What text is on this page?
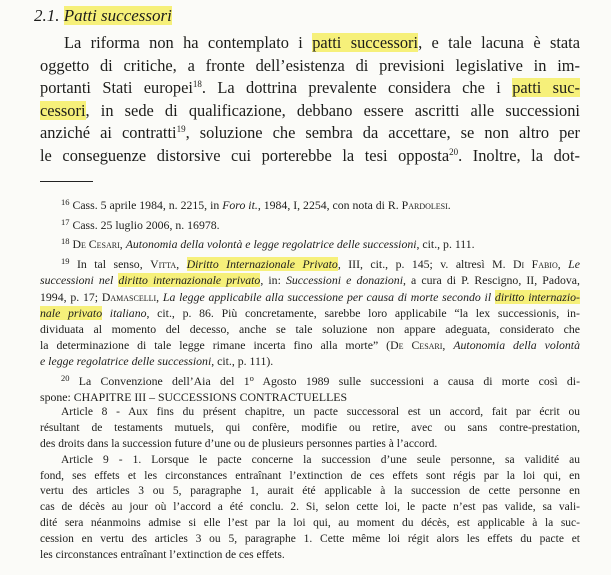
2.1. Patti successori
La riforma non ha contemplato i patti successori, e tale lacuna è stata
oggetto di critiche, a fronte dell’esistenza di previsioni legislative in im-
portanti Stati europei$^{18}$. La dottrina prevalente considera che i patti suc-
cessori, in sede di qualificazione, debbano essere ascritti alle successioni
anziché ai contratti$^{19}$, soluzione che sembra da accettare, se non altro per
le conseguenze distorsive cui porterebbe la tesi opposta$^{20}$. Inoltre, la dot-
$^{16}$ Cass. 5 aprile 1984, n. 2215, in Foro it., 1984, I, 2254, con nota di R. Pardolesi.
$^{17}$ Cass. 25 luglio 2006, n. 16978.
$^{18}$ De Cesari, Autonomia della volontà e legge regolatrice delle successioni, cit., p. 111.
$^{19}$ In tal senso, Vitta, Diritto Internazionale Privato, III, cit., p. 145; v. altresì M. Di Fabio, Le
successioni nel diritto internazionale privato, in: Successioni e donazioni, a cura di P. Rescigno, II, Padova,
1994, p. 17; Damascelli, La legge applicabile alla successione per causa di morte secondo il diritto internazio-
nale privato italiano, cit., p. 86. Più concretamente, sarebbe loro applicabile “la lex successionis, in-
dividuata al momento del decesso, anche se tale soluzione non appare adeguata, considerato che
la determinazione di tale legge rimane incerta fino alla morte” (De Cesari, Autonomia della volontà
e legge regolatrice delle successioni, cit., p. 111).
$^{20}$ La Convenzione dell’Aia del 1$^o$ Agosto 1989 sulle successioni a causa di morte così di-
spone: CHAPITRE III – SUCCESSIONS CONTRACTUELLES
Article 8 - Aux fins du présent chapitre, un pacte successoral est un accord, fait par écrit ou
résultant de testaments mutuels, qui confère, modifie ou retire, avec ou sans contre-prestation,
des droits dans la succession future d’une ou de plusieurs personnes parties à l’accord.
Article 9 - 1. Lorsque le pacte concerne la succession d’une seule personne, sa validité au
fond, ses effets et les circonstances entraînant l’extinction de ces effets sont régis par la loi qui, en
vertu des articles 3 ou 5, paragraphe 1, aurait été applicable à la succession de cette personne en
cas de décès au jour où l’accord a été conclu. 2. Si, selon cette loi, le pacte n’est pas valide, sa vali-
dité sera néanmoins admise si elle l’est par la loi qui, au moment du décès, est applicable à la suc-
cession en vertu des articles 3 ou 5, paragraphe 1. Cette même loi régit alors les effets du pacte et
les circonstances entraînant l’extinction de ces effets.
